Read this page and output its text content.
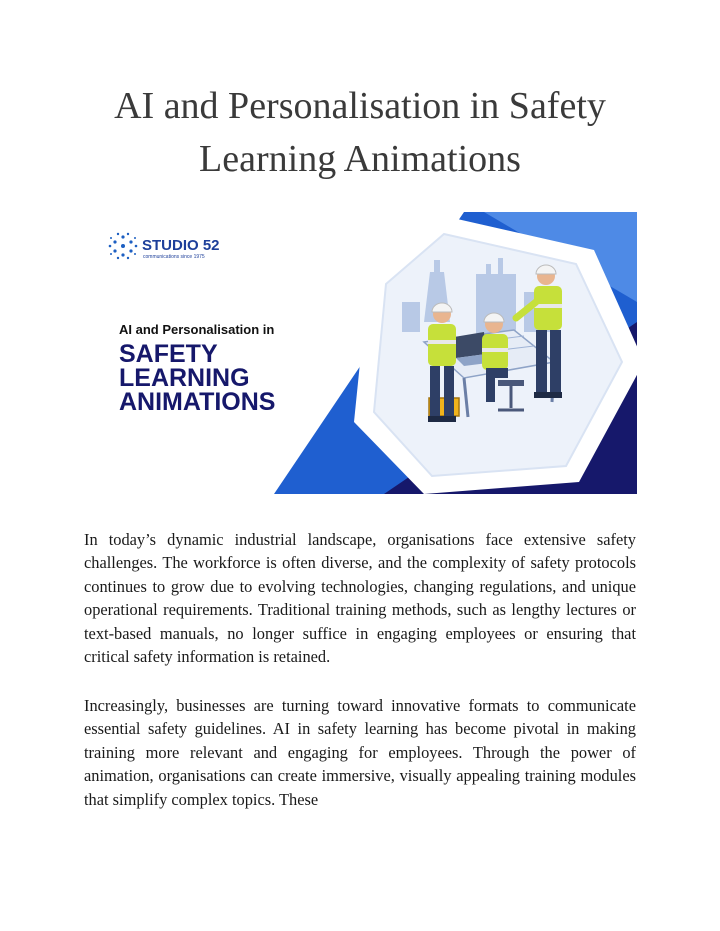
AI and Personalisation in Safety
Learning Animations
STUDIO 52
communications since 1975
AI and Personalisation in
SAFETY
LEARNING
ANIMATIONS

In today’s dynamic industrial landscape, organisations face extensive safety challenges. The workforce is often diverse, and the complexity of safety protocols continues to grow due to evolving technologies, changing regulations, and unique operational requirements. Traditional training methods, such as lengthy lectures or text-based manuals, no longer suffice in engaging employees or ensuring that critical safety information is retained.

Increasingly, businesses are turning toward innovative formats to communicate essential safety guidelines. AI in safety learning has become pivotal in making training more relevant and engaging for employees. Through the power of animation, organisations can create immersive, visually appealing training modules that simplify complex topics. These
